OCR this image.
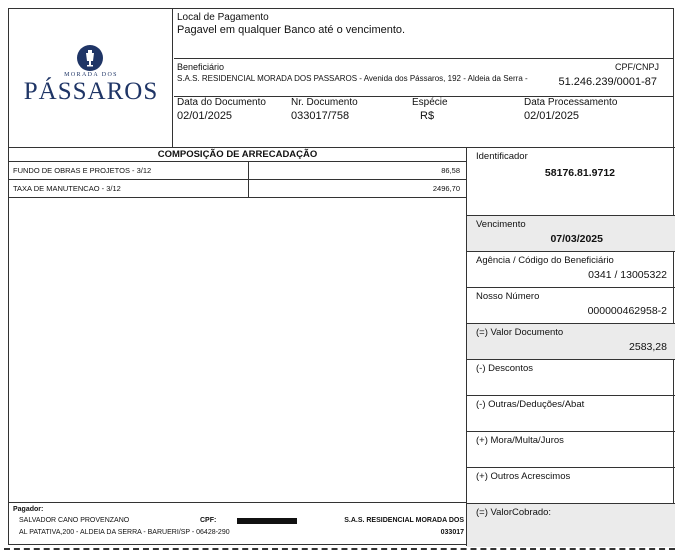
MORADA DOS
PÁSSAROS
Local de Pagamento
Pagavel em qualquer Banco até o vencimento.
Beneficiário
S.A.S. RESIDENCIAL MORADA DOS PASSAROS - Avenida dos Pássaros, 192 - Aldeia da Serra -
CPF/CNPJ
51.246.239/0001-87
Data do Documento
02/01/2025
Nr. Documento
033017/758
Espécie
R$
Data Processamento
02/01/2025
COMPOSIÇÃO DE ARRECADAÇÃO
FUNDO DE OBRAS E PROJETOS - 3/12	86,58
TAXA DE MANUTENCAO - 3/12	2496,70
Identificador
58176.81.9712
Vencimento
07/03/2025
Agência / Código do Beneficiário
0341 / 13005322
Nosso Número
000000462958-2
(=) Valor Documento
2583,28
(-) Descontos
(-) Outras/Deduções/Abat
(+) Mora/Multa/Juros
(+) Outros Acrescimos
(=) ValorCobrado:
Pagador:
SALVADOR CANO PROVENZANO	CPF:
AL PATATIVA,200 - ALDEIA DA SERRA - BARUERI/SP - 06428-290
S.A.S. RESIDENCIAL MORADA DOS
033017
